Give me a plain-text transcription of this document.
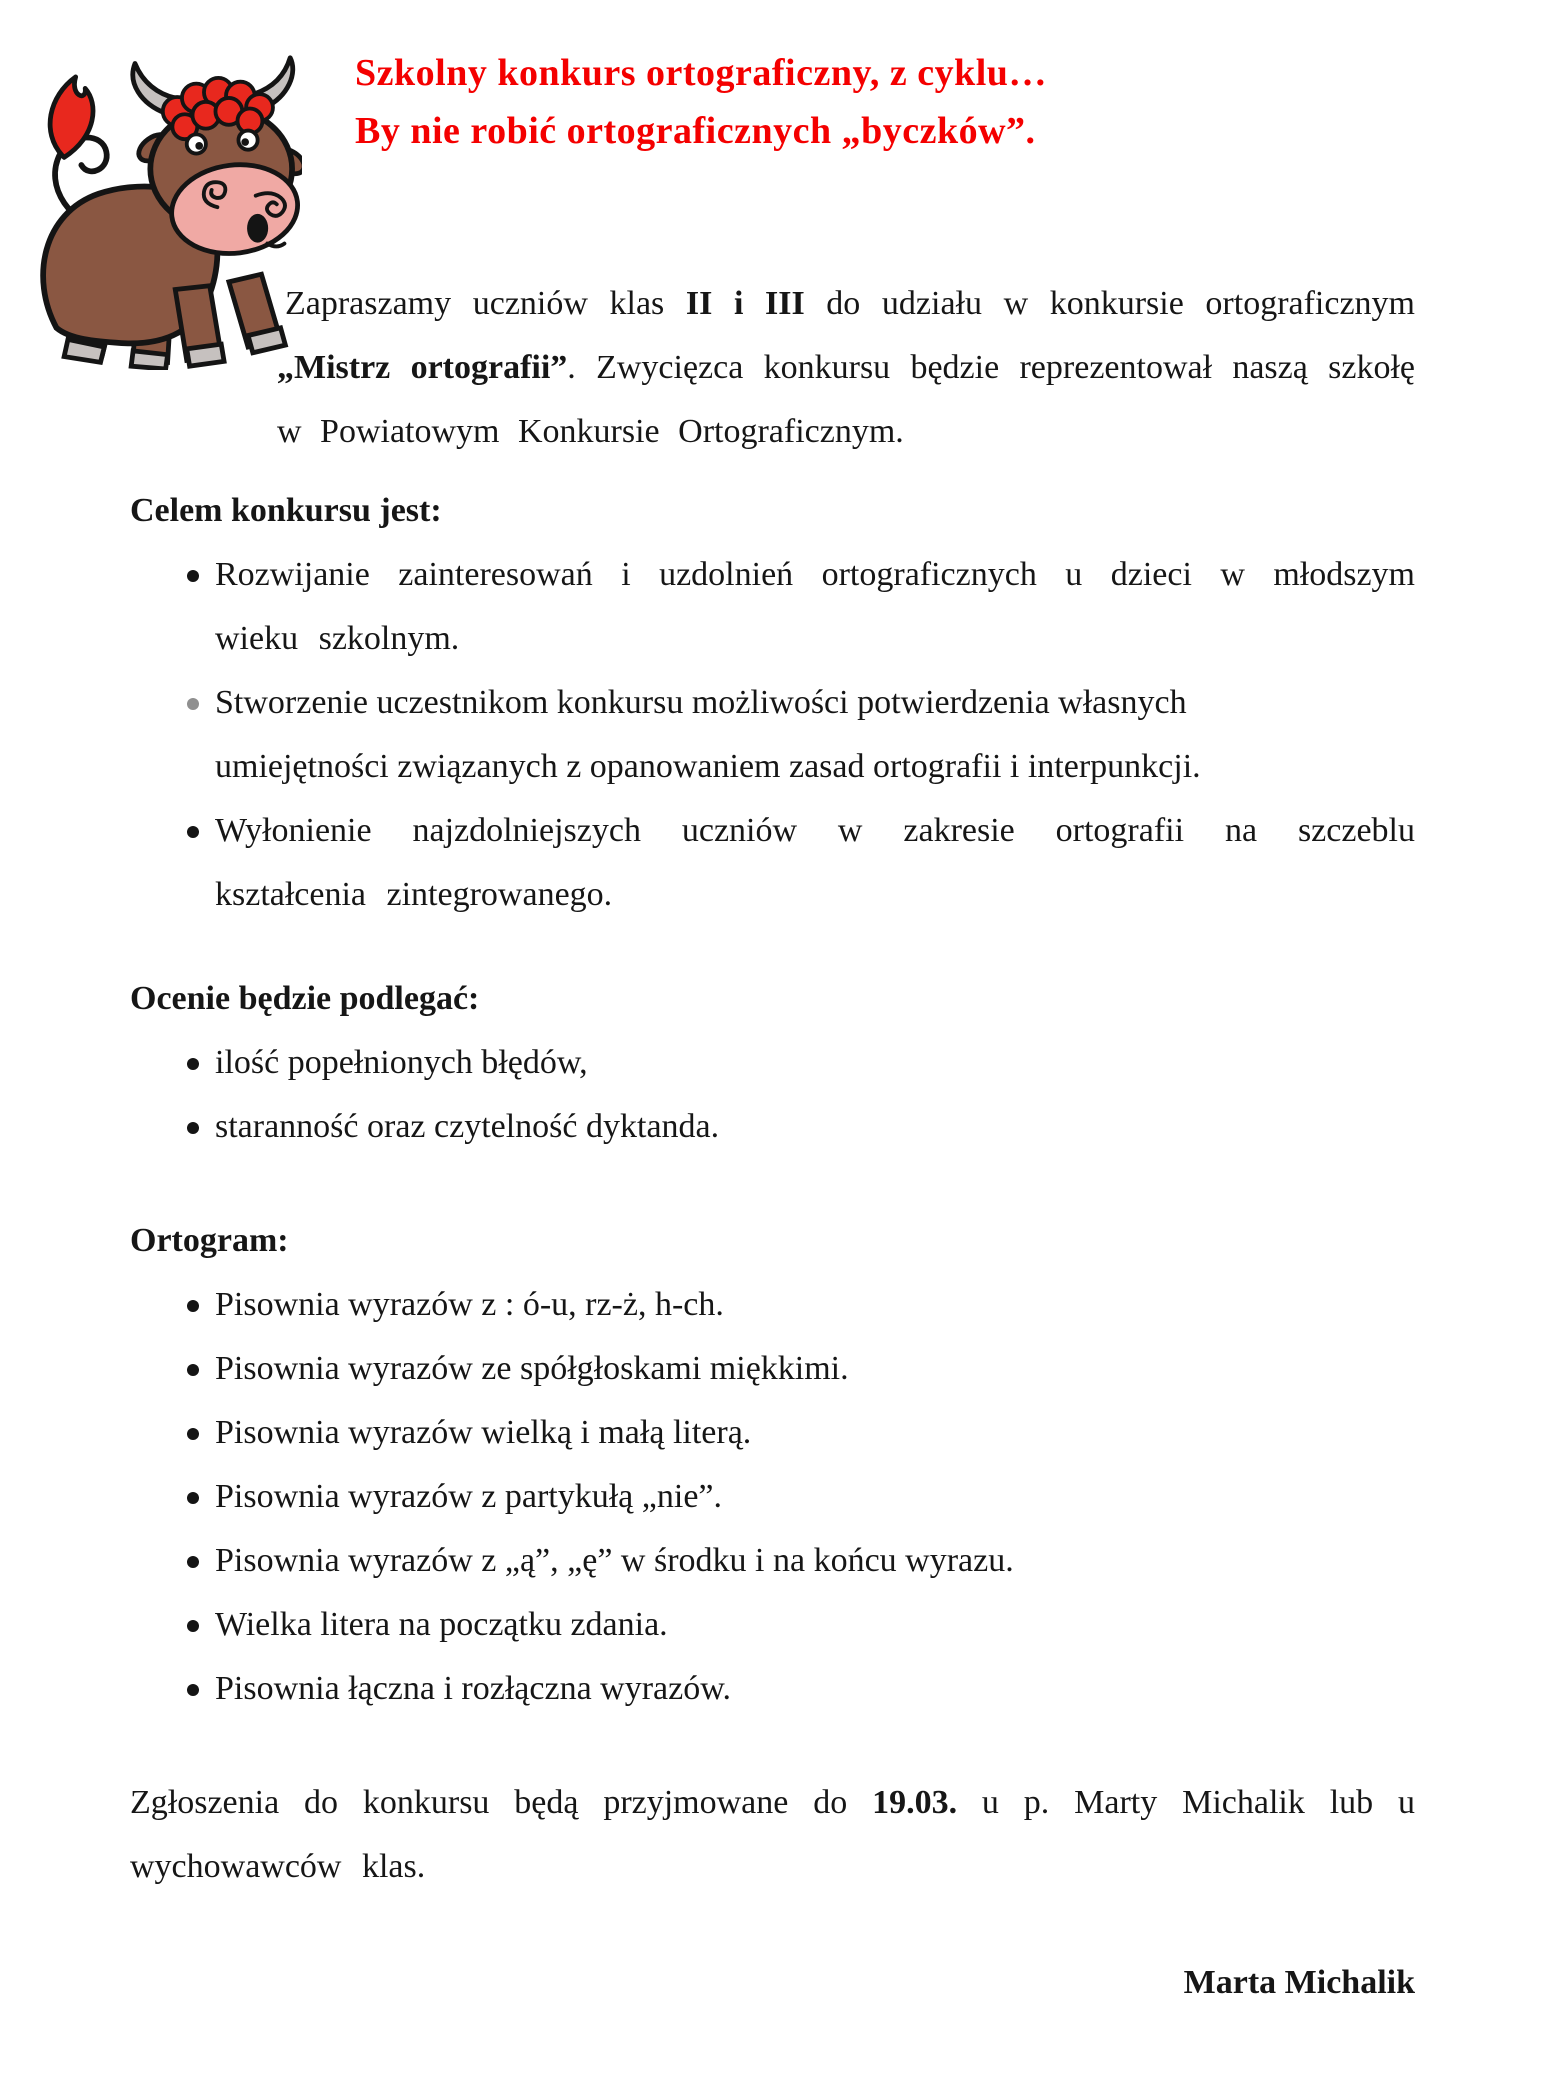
Szkolny konkurs ortograficzny, z cyklu…
By nie robić ortograficznych „byczków”.

Zapraszamy uczniów klas II i III do udziału w konkursie ortograficznym „Mistrz ortografii”. Zwycięzca konkursu będzie reprezentował naszą szkołę w Powiatowym Konkursie Ortograficznym.

Celem konkursu jest:
Rozwijanie zainteresowań i uzdolnień ortograficznych u dzieci w młodszym wieku szkolnym.
Stworzenie uczestnikom konkursu możliwości potwierdzenia własnych umiejętności związanych z opanowaniem zasad ortografii i interpunkcji.
Wyłonienie najzdolniejszych uczniów w zakresie ortografii na szczeblu kształcenia zintegrowanego.
Ocenie będzie podlegać:
ilość popełnionych błędów,
staranność oraz czytelność dyktanda.
Ortogram:
Pisownia wyrazów z : ó-u, rz-ż, h-ch.
Pisownia wyrazów ze spółgłoskami miękkimi.
Pisownia wyrazów wielką i małą literą.
Pisownia wyrazów z partykułą „nie”.
Pisownia wyrazów z „ą”, „ę” w środku i na końcu wyrazu.
Wielka litera na początku zdania.
Pisownia łączna i rozłączna wyrazów.

Zgłoszenia do konkursu będą przyjmowane do 19.03. u p. Marty Michalik lub u wychowawców klas.

Marta Michalik
